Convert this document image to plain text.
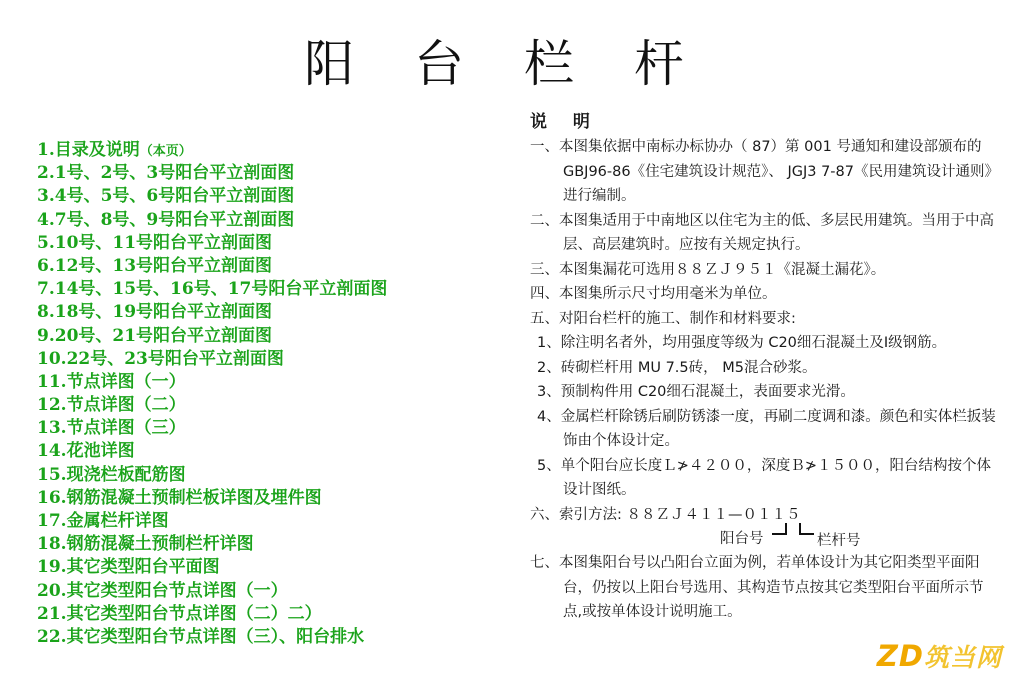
阳 台 栏 杆
1.目录及说明（本页）
2.1号、2号、3号阳台平立剖面图
3.4号、5号、6号阳台平立剖面图
4.7号、8号、9号阳台平立剖面图
5.10号、11号阳台平立剖面图
6.12号、13号阳台平立剖面图
7.14号、15号、16号、17号阳台平立剖面图
8.18号、19号阳台平立剖面图
9.20号、21号阳台平立剖面图
10.22号、23号阳台平立剖面图
11.节点详图（一）
12.节点详图（二）
13.节点详图（三）
14.花池详图
15.现浇栏板配筋图
16.钢筋混凝土预制栏板详图及埋件图
17.金属栏杆详图
18.钢筋混凝土预制栏杆详图
19.其它类型阳台平面图
20.其它类型阳台节点详图（一）
21.其它类型阳台节点详图（二）二）
22.其它类型阳台节点详图（三）、阳台排水
说 明

一、本图集依据中南标办标协办（ 87）第 001 号通知和建设部颁布的 GBJ96-86《住宅建筑设计规范》、 JGJ3 7-87《民用建筑设计通则》进行编制。

二、本图集适用于中南地区以住宅为主的低、多层民用建筑。当用于中高层、高层建筑时。应按有关规定执行。

三、本图集漏花可选用８８ＺＪ９５１《混凝土漏花》。

四、本图集所示尺寸均用毫米为单位。

五、对阳台栏杆的施工、制作和材料要求:

1、除注明名者外，均用强度等级为 C20细石混凝土及Ⅰ级钢筋。

2、砖砌栏杆用 MU 7.5砖， M5混合砂浆。

3、预制构件用 C20细石混凝土，表面要求光滑。

4、金属栏杆除锈后刷防锈漆一度，再刷二度调和漆。颜色和实体栏扳装饰由个体设计定。

5、单个阳台应长度Ｌ≯４２００，深度Ｂ≯１５００，阳台结构按个体设计图纸。

六、索引方法: ８８ＺＪ４１１—０１１５

阳台号	栏杆号

七、本图集阳台号以凸阳台立面为例，若单体设计为其它阳类型平面阳台，仍按以上阳台号选用、其构造节点按其它类型阳台平面所示节点,或按单体设计说明施工。

ZD筑当网
